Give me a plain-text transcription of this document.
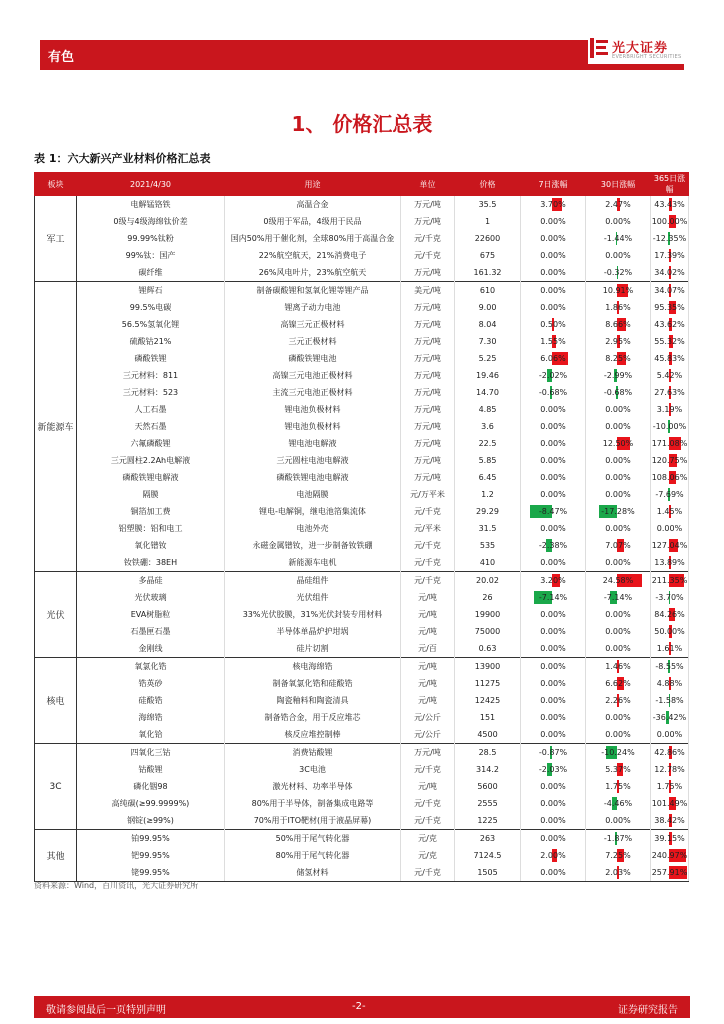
有色
光大证券
EVERBRIGHT SECURITIES
1、 价格汇总表
表 1：六大新兴产业材料价格汇总表
板块	2021/4/30	用途	单位	价格	7日涨幅	30日涨幅	365日涨幅
军工	电解锰铬铁	高温合金	万元/吨	35.5	3.70%	2.47%	43.43%
	0级与4级海绵钛价差	0级用于军品，4级用于民品	万元/吨	1	0.00%	0.00%	100.00%
	99.99%钛粉	国内50%用于催化剂，全球80%用于高温合金	元/千克	22600	0.00%	-1.44%	-12.35%
	99%钛：国产	22%航空航天，21%消费电子	元/千克	675	0.00%	0.00%	17.39%
	碳纤维	26%风电叶片，23%航空航天	万元/吨	161.32	0.00%	-0.32%	34.02%
新能源车	锂辉石	制备碳酸锂和氢氧化锂等锂产品	美元/吨	610	0.00%	10.91%	34.07%
	99.5%电碳	锂离子动力电池	万元/吨	9.00	0.00%	1.86%	95.35%
	56.5%氢氧化锂	高镍三元正极材料	万元/吨	8.04	0.50%	8.66%	43.62%
	硫酸钴21%	三元正极材料	万元/吨	7.30	1.55%	2.95%	55.32%
	磷酸铁锂	磷酸铁锂电池	万元/吨	5.25	6.06%	8.25%	45.83%
	三元材料：811	高镍三元电池正极材料	万元/吨	19.46	-2.02%	-2.99%	5.42%
	三元材料：523	主流三元电池正极材料	万元/吨	14.70	-0.68%	-0.68%	27.63%
	人工石墨	锂电池负极材料	万元/吨	4.85	0.00%	0.00%	3.19%
	天然石墨	锂电池负极材料	万元/吨	3.6	0.00%	0.00%	-10.00%
	六氟磷酸锂	锂电池电解液	万元/吨	22.5	0.00%	12.50%	171.08%
	三元圆柱2.2Ah电解液	三元圆柱电池电解液	万元/吨	5.85	0.00%	0.00%	120.75%
	磷酸铁锂电解液	磷酸铁锂电池电解液	万元/吨	6.45	0.00%	0.00%	108.06%
	隔膜	电池隔膜	元/万平米	1.2	0.00%	0.00%	-7.69%
	铜箔加工费	锂电-电解铜，继电池箔集流体	元/千克	29.29	-8.47%	-17.28%	1.45%
	铝塑膜：铝和电工	电池外壳	元/平米	31.5	0.00%	0.00%	0.00%
	氧化镨钕	永磁金属镨钕，进一步制备钕铁硼	元/千克	535	-2.38%	7.07%	127.04%
	钕铁硼：38EH	新能源车电机	元/千克	410	0.00%	0.00%	13.89%
光伏	多晶硅	晶硅组件	元/千克	20.02	3.20%	24.58%	211.35%
	光伏玻璃	光伏组件	元/吨	26	-7.14%	-7.14%	-3.70%
	EVA树脂粒	33%光伏胶膜，31%光伏封装专用材料	元/吨	19900	0.00%	0.00%	84.26%
	石墨匣石墨	半导体单晶炉护坩埚	元/吨	75000	0.00%	0.00%	50.00%
	金刚线	硅片切割	元/百	0.63	0.00%	0.00%	1.61%
核电	氧氯化锆	核电海绵锆	元/吨	13900	0.00%	1.46%	-8.55%
	锆英砂	制备氧氯化锆和硅酸锆	元/吨	11275	0.00%	6.62%	4.88%
	硅酸锆	陶瓷釉料和陶瓷清具	元/吨	12425	0.00%	2.26%	-1.58%
	海绵锆	制备锆合金，用于反应堆芯	元/公斤	151	0.00%	0.00%	-36.42%
	氧化铪	核反应堆控制棒	元/公斤	4500	0.00%	0.00%	0.00%
3C	四氧化三钴	消费钴酸锂	万元/吨	28.5	-0.87%	-10.24%	42.86%
	钴酸锂	3C电池	元/千克	314.2	-2.03%	5.37%	12.78%
	磷化铟98	激光材料、功率半导体	元/吨	5600	0.00%	1.75%	1.75%
	高纯碳(≥99.9999%)	80%用于半导体，制备集成电路等	元/千克	2555	0.00%	-4.46%	101.49%
	钢锭(≥99%)	70%用于ITO靶材(用于液晶屏幕)	元/千克	1225	0.00%	0.00%	38.42%
其他	铂99.95%	50%用于尾气转化器	元/克	263	0.00%	-1.87%	39.15%
	钯99.95%	80%用于尾气转化器	元/克	7124.5	2.00%	7.25%	240.97%
	铑99.95%	储氢材料	元/千克	1505	0.00%	2.03%	257.91%
资料来源：Wind，百川资讯，光大证券研究所
敬请参阅最后一页特别声明	-2-	证券研究报告
